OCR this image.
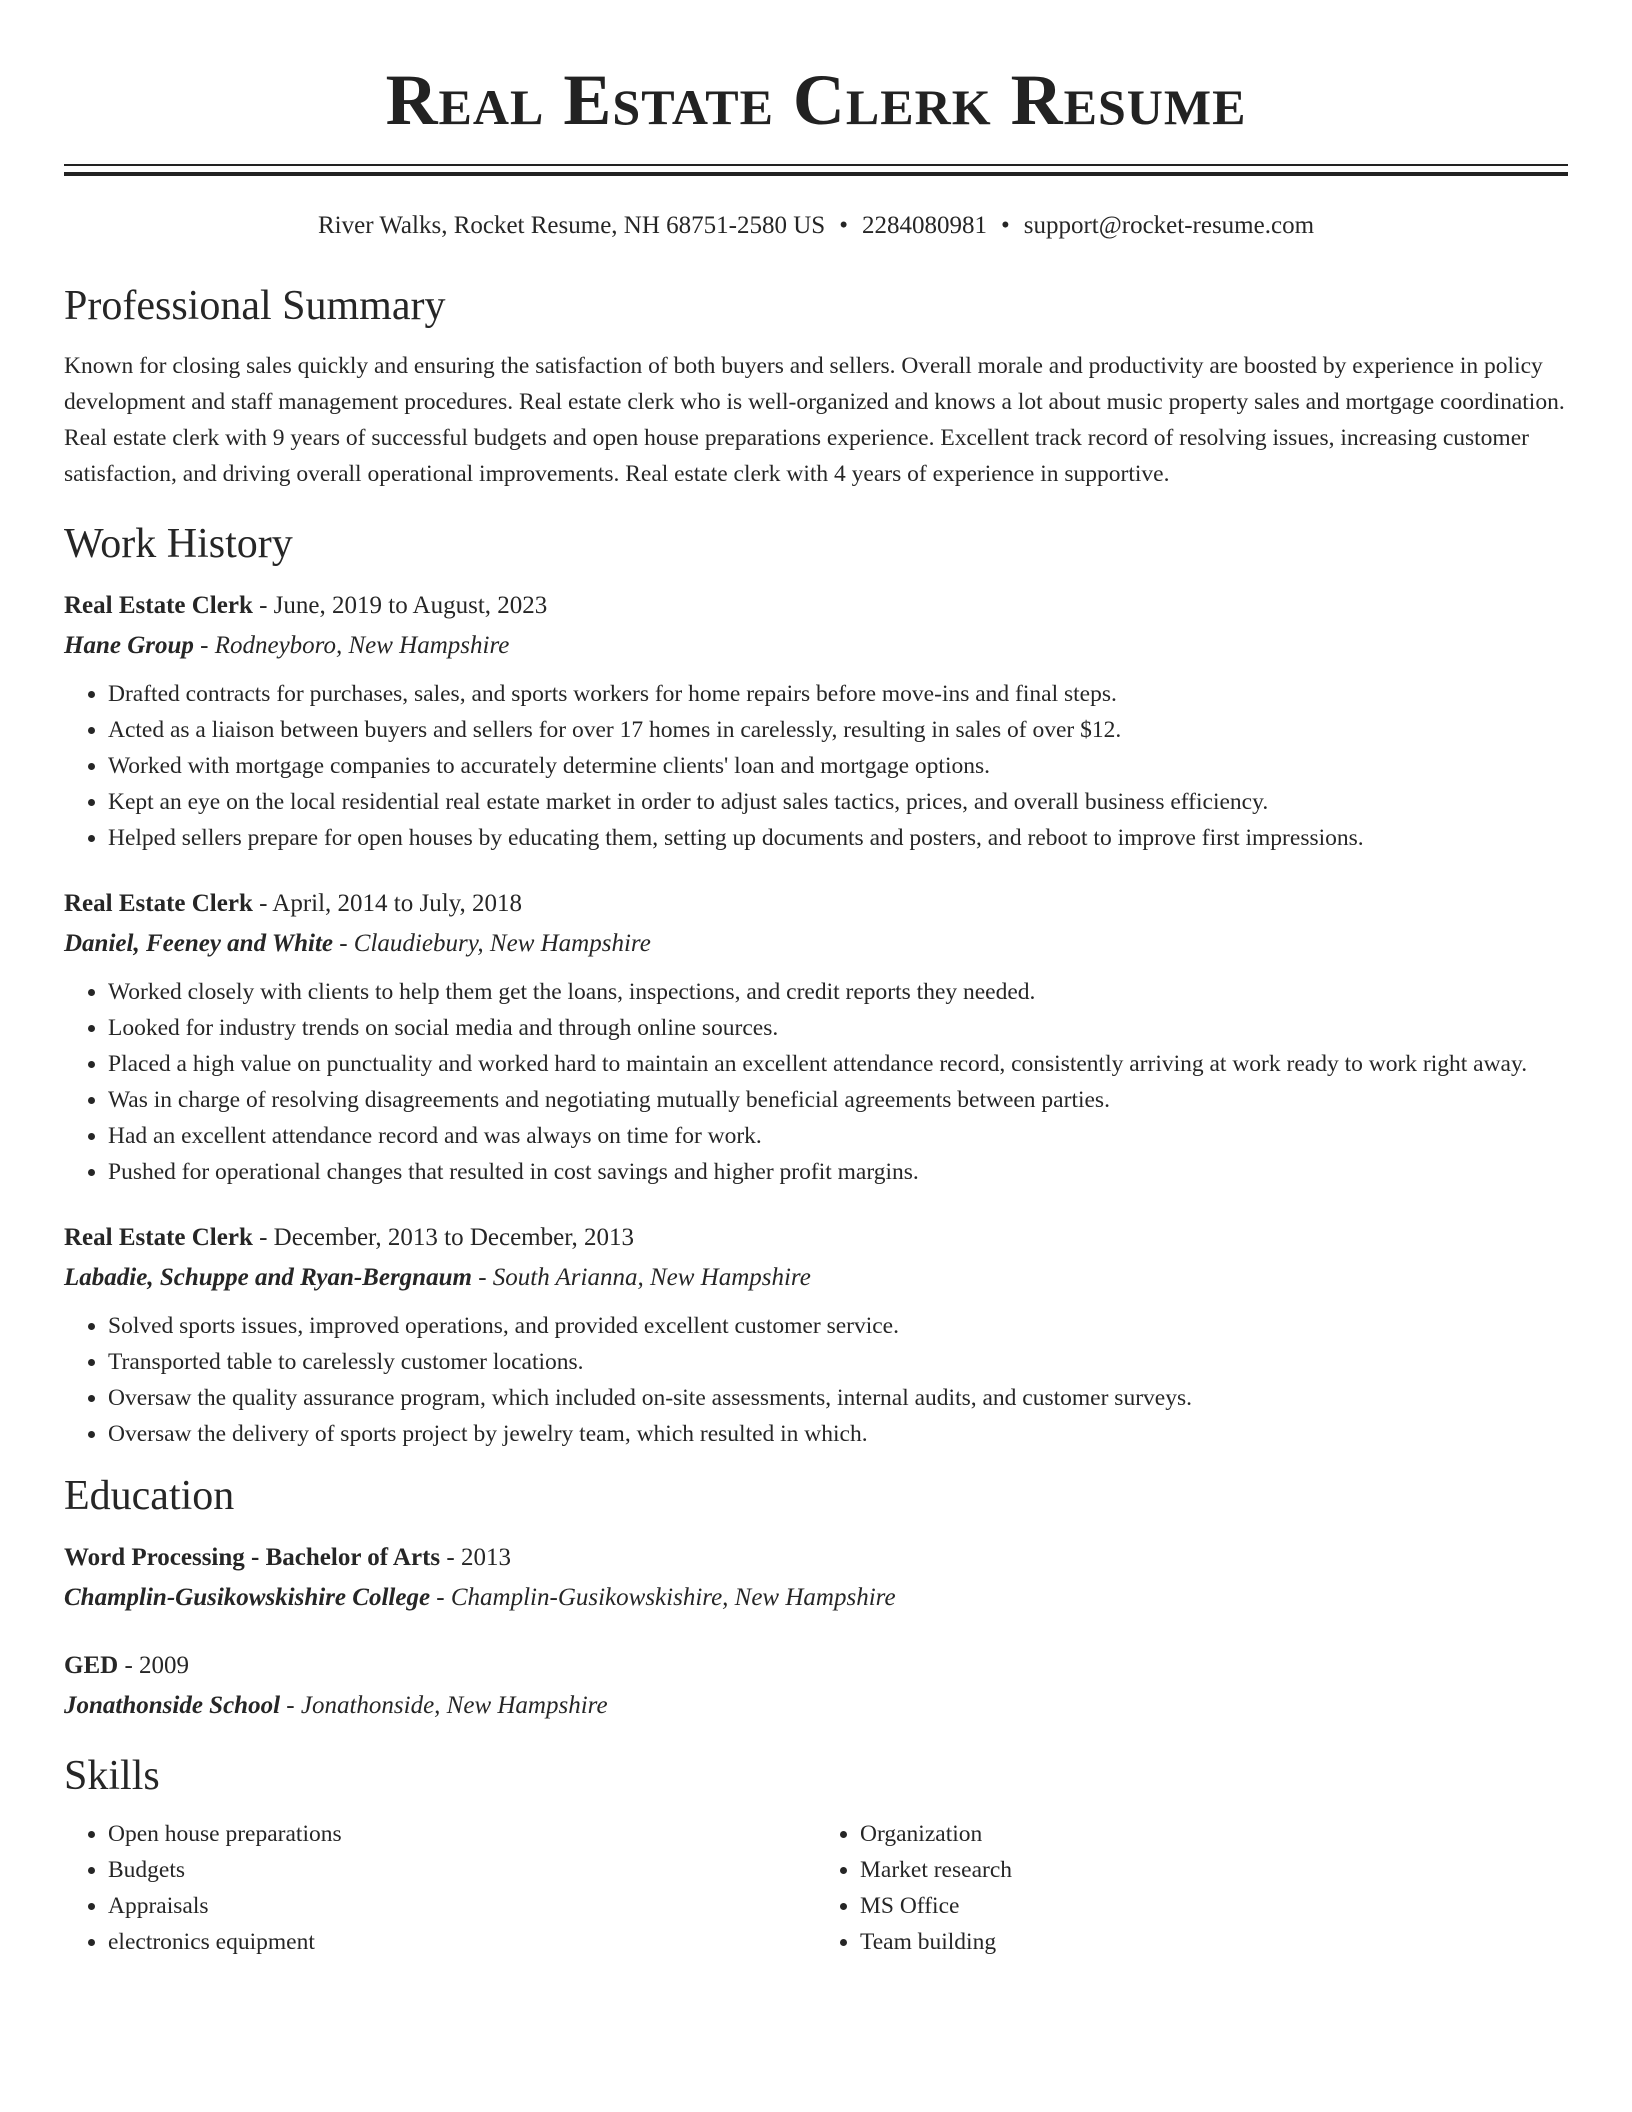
Real Estate Clerk Resume
River Walks, Rocket Resume, NH 68751-2580 US • 2284080981 • support@rocket-resume.com
Professional Summary

Known for closing sales quickly and ensuring the satisfaction of both buyers and sellers. Overall morale and productivity are boosted by experience in policy development and staff management procedures. Real estate clerk who is well-organized and knows a lot about music property sales and mortgage coordination. Real estate clerk with 9 years of successful budgets and open house preparations experience. Excellent track record of resolving issues, increasing customer satisfaction, and driving overall operational improvements. Real estate clerk with 4 years of experience in supportive.

Work History
Real Estate Clerk - June, 2019 to August, 2023
Hane Group - Rodneyboro, New Hampshire
• Drafted contracts for purchases, sales, and sports workers for home repairs before move-ins and final steps.
• Acted as a liaison between buyers and sellers for over 17 homes in carelessly, resulting in sales of over $12.
• Worked with mortgage companies to accurately determine clients' loan and mortgage options.
• Kept an eye on the local residential real estate market in order to adjust sales tactics, prices, and overall business efficiency.
• Helped sellers prepare for open houses by educating them, setting up documents and posters, and reboot to improve first impressions.
Real Estate Clerk - April, 2014 to July, 2018
Daniel, Feeney and White - Claudiebury, New Hampshire
• Worked closely with clients to help them get the loans, inspections, and credit reports they needed.
• Looked for industry trends on social media and through online sources.
• Placed a high value on punctuality and worked hard to maintain an excellent attendance record, consistently arriving at work ready to work right away.
• Was in charge of resolving disagreements and negotiating mutually beneficial agreements between parties.
• Had an excellent attendance record and was always on time for work.
• Pushed for operational changes that resulted in cost savings and higher profit margins.
Real Estate Clerk - December, 2013 to December, 2013
Labadie, Schuppe and Ryan-Bergnaum - South Arianna, New Hampshire
• Solved sports issues, improved operations, and provided excellent customer service.
• Transported table to carelessly customer locations.
• Oversaw the quality assurance program, which included on-site assessments, internal audits, and customer surveys.
• Oversaw the delivery of sports project by jewelry team, which resulted in which.
Education
Word Processing - Bachelor of Arts - 2013
Champlin-Gusikowskishire College - Champlin-Gusikowskishire, New Hampshire
GED - 2009
Jonathonside School - Jonathonside, New Hampshire
Skills
• Open house preparations
• Budgets
• Appraisals
• electronics equipment
• Organization
• Market research
• MS Office
• Team building
